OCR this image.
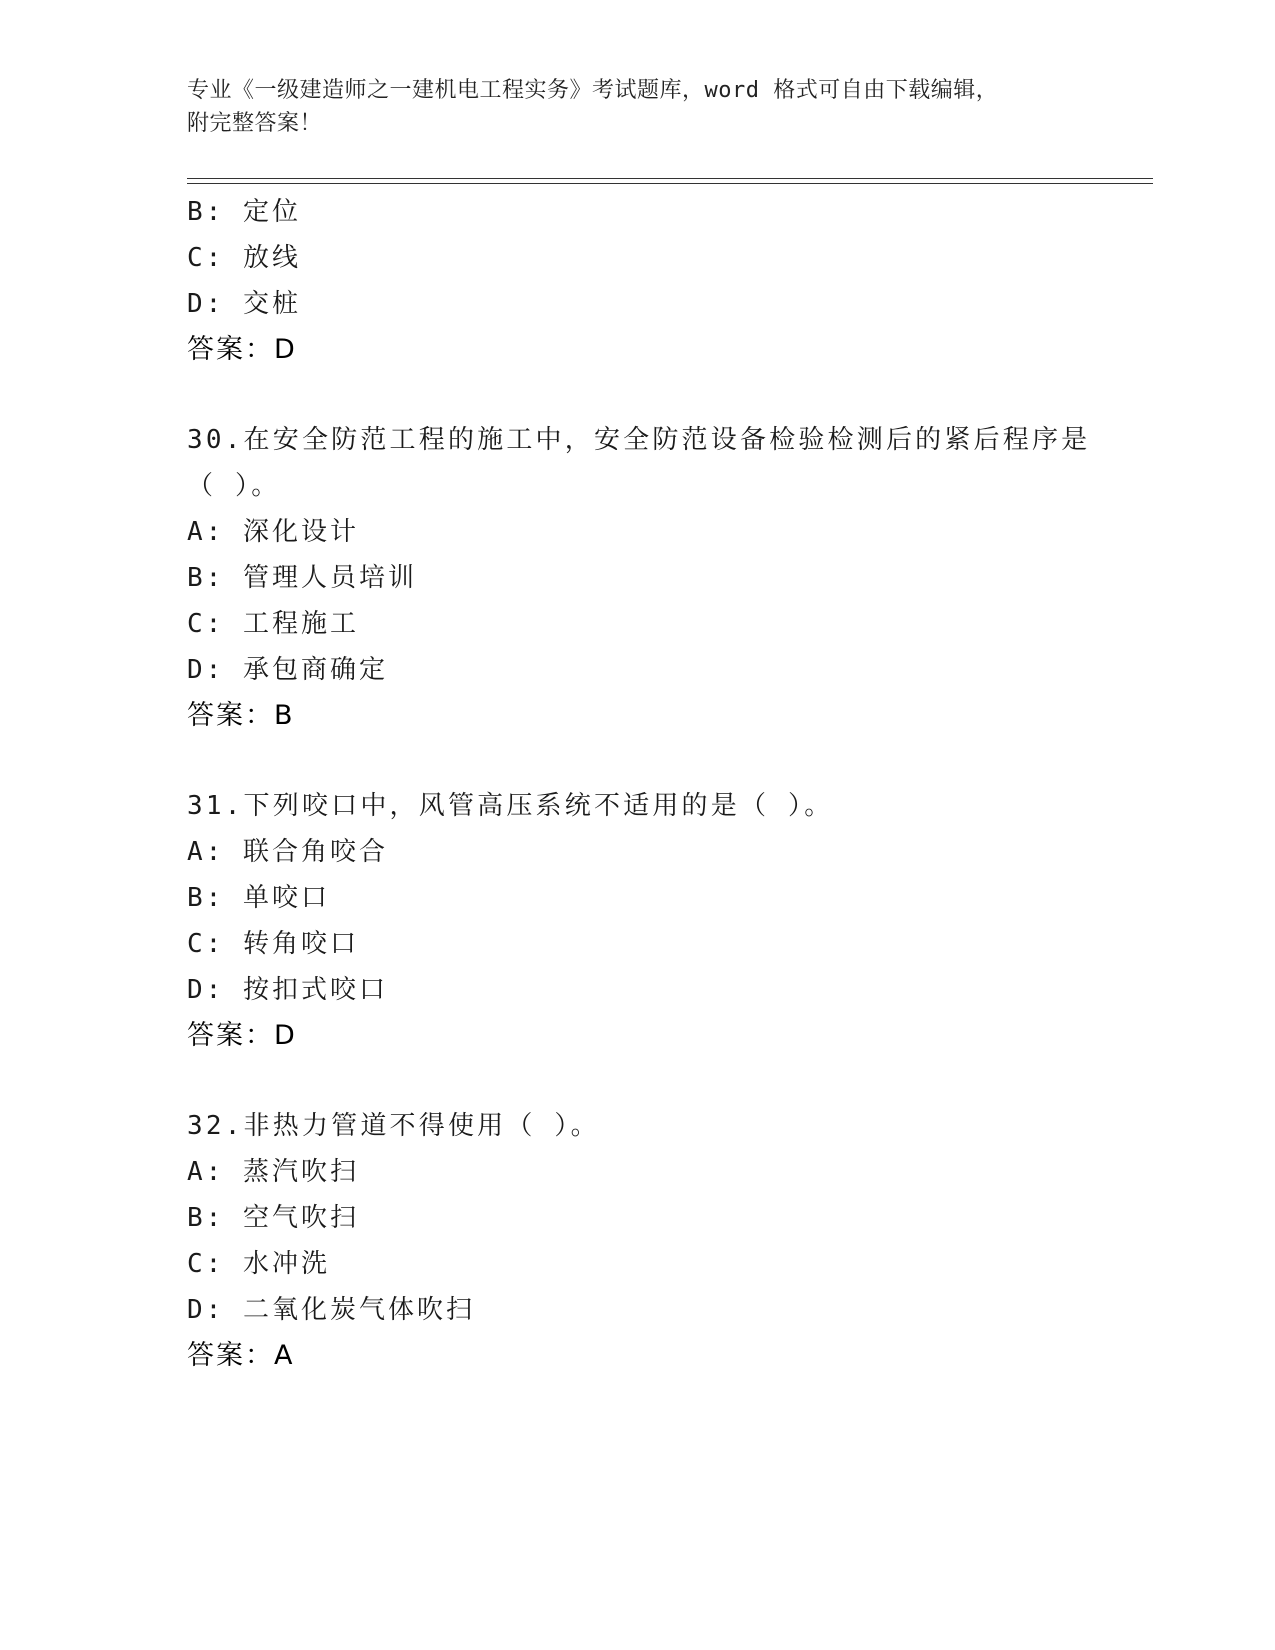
专业《一级建造师之一建机电工程实务》考试题库，word 格式可自由下载编辑，
附完整答案！
B: 定位
C: 放线
D: 交桩
答案：D
30.在安全防范工程的施工中，安全防范设备检验检测后的紧后程序是
（ ）。
A: 深化设计
B: 管理人员培训
C: 工程施工
D: 承包商确定
答案：B
31.下列咬口中，风管高压系统不适用的是（ ）。
A: 联合角咬合
B: 单咬口
C: 转角咬口
D: 按扣式咬口
答案：D
32.非热力管道不得使用（ ）。
A: 蒸汽吹扫
B: 空气吹扫
C: 水冲洗
D: 二氧化炭气体吹扫
答案：A
